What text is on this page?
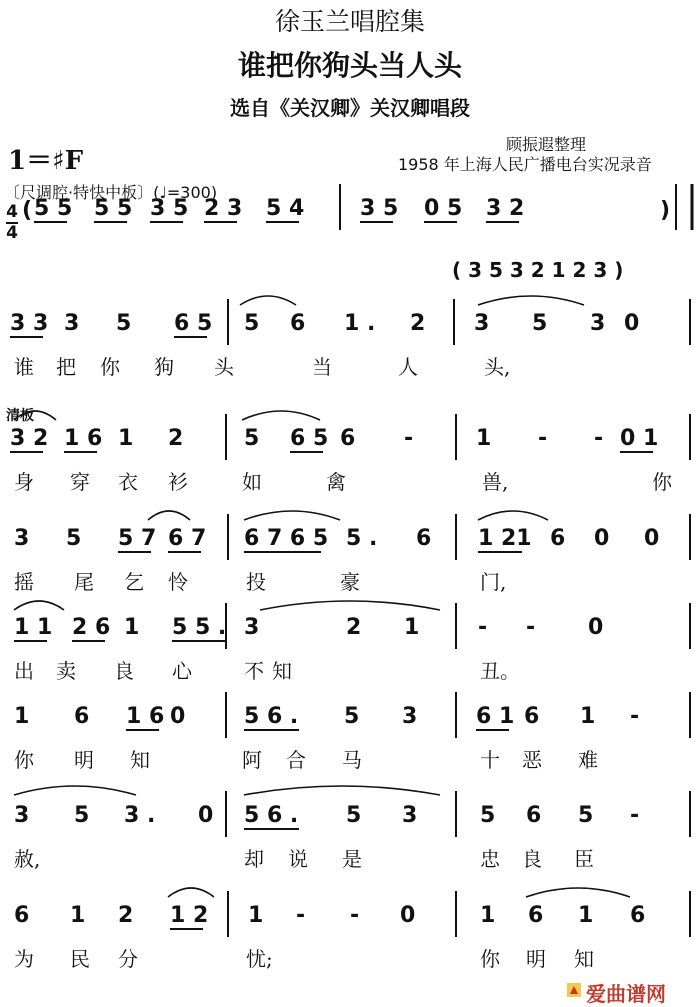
徐玉兰唱腔集
谁把你狗头当人头
选自《关汉卿》关汉卿唱段
1＝♯F
顾振遐整理
1958 年上海人民广播电台实况录音
〔尺调腔·特快中板〕(♩=300)
4
4
清板
5 5 5 5 3 5 2 3 5 4	3 5 0 5 3 2
3 3 3 5 6 5 5 6 1 . 2 3 5 3 0
谁 把 你 狗 头	当	人	头,
3 2 1 6 1 2	5 6 5 6 -	1 - - 0 1
身 穿 衣 衫	如	禽	兽,	你
3 5 5 7 6 7 6 7 6 5 5 . 6 1 21 6 0 0
摇 尾 乞 怜	投	豪	门,
1 1 2 6 1 5 5 . 3	2 1	- - 0
出 卖 良 心	不 知	丑。
1 6 1 6 0	5 6 . 5 3	6 1 6 1 -
你 明 知	阿 合 马	十 恶 难
3 5 3 . 0 5 6 . 5 3	5 6 5 -
赦,	却 说 是	忠 良 臣
6 1 2 1 2 1 - - 0	1 6 1 6
为 民 分	忧;	你 明 知
(	)
( 3 5 3 2 1 2 3 )
爱曲谱网
